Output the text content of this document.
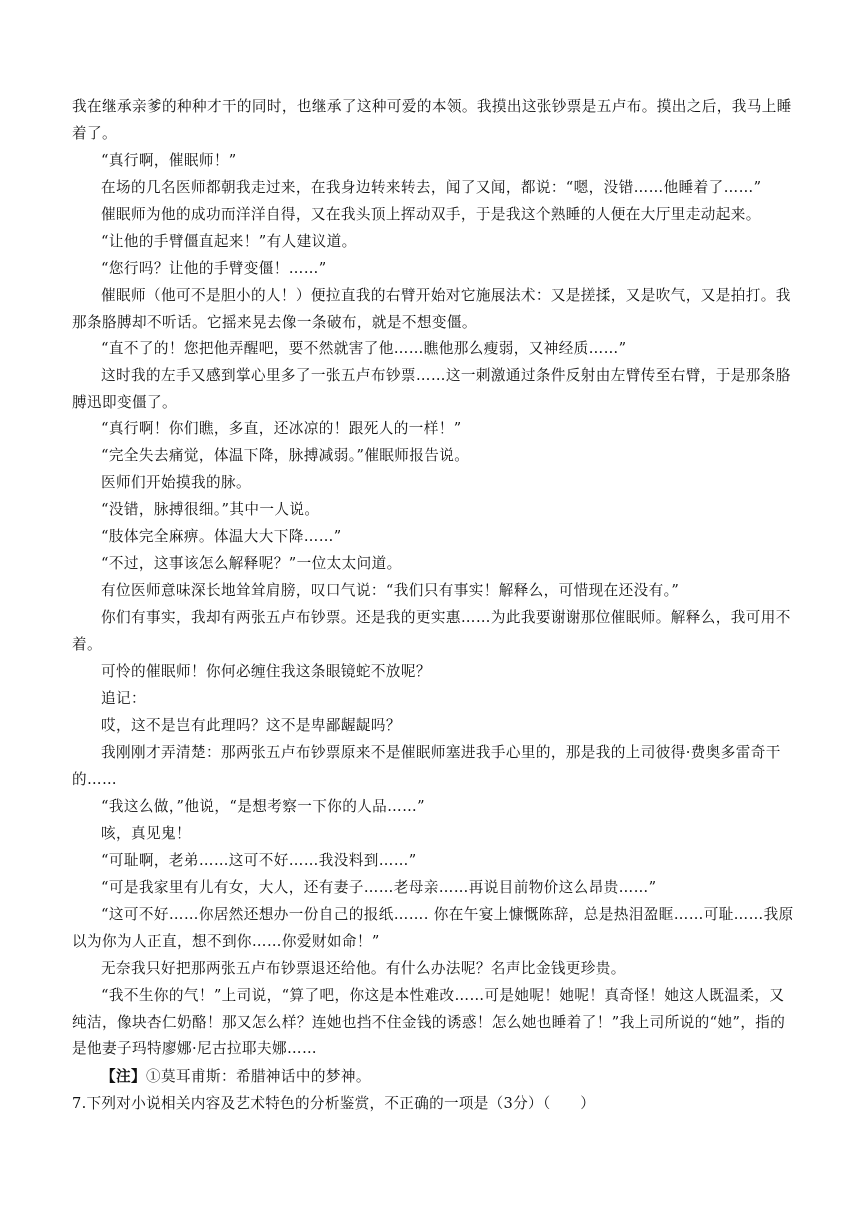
我在继承亲爹的种种才干的同时，也继承了这种可爱的本领。我摸出这张钞票是五卢布。摸出之后，我马上睡着了。

“真行啊，催眠师！”

在场的几名医师都朝我走过来，在我身边转来转去，闻了又闻，都说：“嗯，没错……他睡着了……”

催眠师为他的成功而洋洋自得，又在我头顶上挥动双手，于是我这个熟睡的人便在大厅里走动起来。

“让他的手臂僵直起来！”有人建议道。

“您行吗？让他的手臂变僵！……”

催眠师（他可不是胆小的人！）便拉直我的右臂开始对它施展法术：又是搓揉，又是吹气，又是拍打。我那条胳膊却不听话。它摇来晃去像一条破布，就是不想变僵。

“直不了的！您把他弄醒吧，要不然就害了他……瞧他那么瘦弱，又神经质……”

这时我的左手又感到掌心里多了一张五卢布钞票……这一刺激通过条件反射由左臂传至右臂，于是那条胳膊迅即变僵了。

“真行啊！你们瞧，多直，还冰凉的！跟死人的一样！”

“完全失去痛觉，体温下降，脉搏减弱。”催眠师报告说。

医师们开始摸我的脉。

“没错，脉搏很细。”其中一人说。

“肢体完全麻痹。体温大大下降……”

“不过，这事该怎么解释呢？”一位太太问道。

有位医师意味深长地耸耸肩膀，叹口气说：“我们只有事实！解释么，可惜现在还没有。”

你们有事实，我却有两张五卢布钞票。还是我的更实惠……为此我要谢谢那位催眠师。解释么，我可用不着。

可怜的催眠师！你何必缠住我这条眼镜蛇不放呢？

追记：

哎，这不是岂有此理吗？这不是卑鄙龌龊吗？

我刚刚才弄清楚：那两张五卢布钞票原来不是催眠师塞进我手心里的，那是我的上司彼得·费奥多雷奇干的……

“我这么做，”他说，“是想考察一下你的人品……”

咳，真见鬼！

“可耻啊，老弟……这可不好……我没料到……”

“可是我家里有儿有女，大人，还有妻子……老母亲……再说目前物价这么昂贵……”

“这可不好……你居然还想办一份自己的报纸……. 你在午宴上慷慨陈辞，总是热泪盈眶……可耻……我原以为你为人正直，想不到你……你爱财如命！”

无奈我只好把那两张五卢布钞票退还给他。有什么办法呢？名声比金钱更珍贵。

“我不生你的气！”上司说，“算了吧，你这是本性难改……可是她呢！她呢！真奇怪！她这人既温柔，又纯洁，像块杏仁奶酪！那又怎么样？连她也挡不住金钱的诱惑！怎么她也睡着了！”我上司所说的“她”，指的是他妻子玛特廖娜·尼古拉耶夫娜……

【注】①莫耳甫斯：希腊神话中的梦神。

7.下列对小说相关内容及艺术特色的分析鉴赏，不正确的一项是（3分）（　　）
